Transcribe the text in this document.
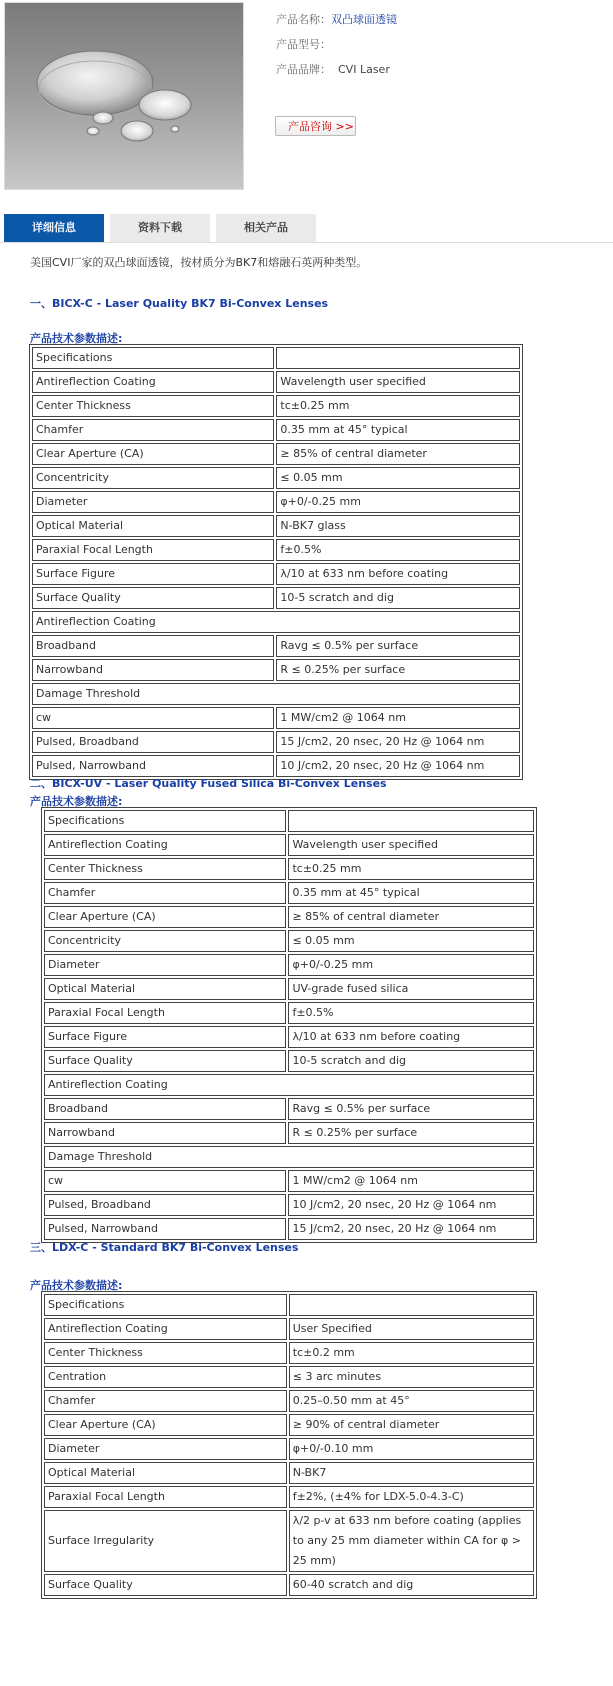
产品名称：双凸球面透镜
产品型号：
产品品牌： CVI Laser
产品咨询 >>
详细信息	资料下载	相关产品
美国CVI厂家的双凸球面透镜，按材质分为BK7和熔融石英两种类型。
一、BICX-C - Laser Quality BK7 Bi-Convex Lenses
产品技术参数描述:
Specifications	
Antireflection Coating	Wavelength user specified
Center Thickness	tc±0.25 mm
Chamfer	0.35 mm at 45° typical
Clear Aperture (CA)	≥ 85% of central diameter
Concentricity	≤ 0.05 mm
Diameter	φ+0/-0.25 mm
Optical Material	N-BK7 glass
Paraxial Focal Length	f±0.5%
Surface Figure	λ/10 at 633 nm before coating
Surface Quality	10-5 scratch and dig
Antireflection Coating	
Broadband	Ravg ≤ 0.5% per surface
Narrowband	R ≤ 0.25% per surface
Damage Threshold	
cw	1 MW/cm2 @ 1064 nm
Pulsed, Broadband	15 J/cm2, 20 nsec, 20 Hz @ 1064 nm
Pulsed, Narrowband	10 J/cm2, 20 nsec, 20 Hz @ 1064 nm
二、BICX-UV - Laser Quality Fused Silica Bi-Convex Lenses
产品技术参数描述:
Specifications	
Antireflection Coating	Wavelength user specified
Center Thickness	tc±0.25 mm
Chamfer	0.35 mm at 45° typical
Clear Aperture (CA)	≥ 85% of central diameter
Concentricity	≤ 0.05 mm
Diameter	φ+0/-0.25 mm
Optical Material	UV-grade fused silica
Paraxial Focal Length	f±0.5%
Surface Figure	λ/10 at 633 nm before coating
Surface Quality	10-5 scratch and dig
Antireflection Coating	
Broadband	Ravg ≤ 0.5% per surface
Narrowband	R ≤ 0.25% per surface
Damage Threshold	
cw	1 MW/cm2 @ 1064 nm
Pulsed, Broadband	10 J/cm2, 20 nsec, 20 Hz @ 1064 nm
Pulsed, Narrowband	15 J/cm2, 20 nsec, 20 Hz @ 1064 nm
三、LDX-C - Standard BK7 Bi-Convex Lenses
产品技术参数描述:
Specifications	
Antireflection Coating	User Specified
Center Thickness	tc±0.2 mm
Centration	≤ 3 arc minutes
Chamfer	0.25–0.50 mm at 45°
Clear Aperture (CA)	≥ 90% of central diameter
Diameter	φ+0/-0.10 mm
Optical Material	N-BK7
Paraxial Focal Length	f±2%, (±4% for LDX-5.0-4.3-C)
Surface Irregularity	λ/2 p-v at 633 nm before coating (applies to any 25 mm diameter within CA for φ > 25 mm)
Surface Quality	60-40 scratch and dig
